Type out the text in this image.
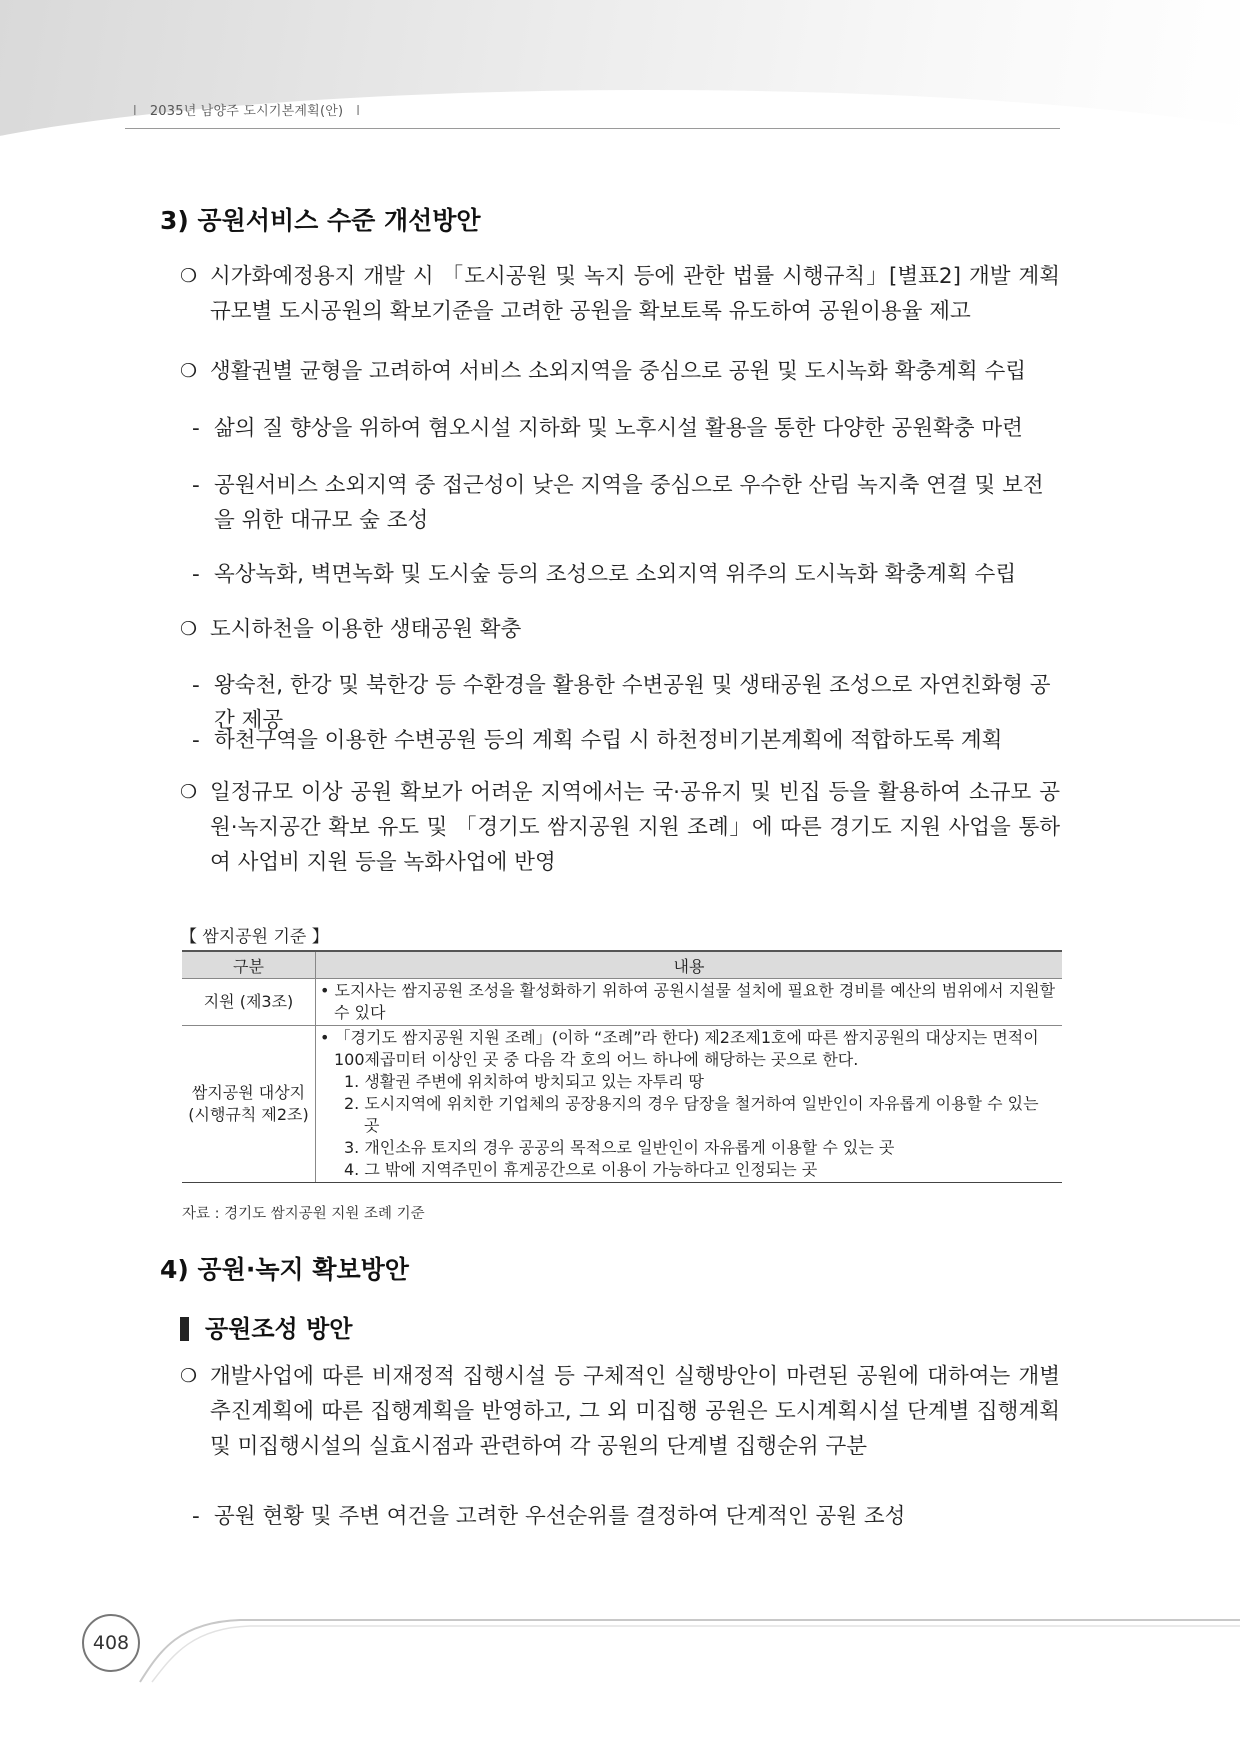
l 2035년 남양주 도시기본계획(안) l
3) 공원서비스 수준 개선방안
❍ 시가화예정용지 개발 시 「도시공원 및 녹지 등에 관한 법률 시행규칙」[별표2] 개발 계획 규모별 도시공원의 확보기준을 고려한 공원을 확보토록 유도하여 공원이용율 제고
❍ 생활권별 균형을 고려하여 서비스 소외지역을 중심으로 공원 및 도시녹화 확충계획 수립
- 삶의 질 향상을 위하여 혐오시설 지하화 및 노후시설 활용을 통한 다양한 공원확충 마련
- 공원서비스 소외지역 중 접근성이 낮은 지역을 중심으로 우수한 산림 녹지축 연결 및 보전을 위한 대규모 숲 조성
- 옥상녹화, 벽면녹화 및 도시숲 등의 조성으로 소외지역 위주의 도시녹화 확충계획 수립
❍ 도시하천을 이용한 생태공원 확충
- 왕숙천, 한강 및 북한강 등 수환경을 활용한 수변공원 및 생태공원 조성으로 자연친화형 공간 제공
- 하천구역을 이용한 수변공원 등의 계획 수립 시 하천정비기본계획에 적합하도록 계획
❍ 일정규모 이상 공원 확보가 어려운 지역에서는 국·공유지 및 빈집 등을 활용하여 소규모 공원·녹지공간 확보 유도 및 「경기도 쌈지공원 지원 조례」에 따른 경기도 지원 사업을 통하여 사업비 지원 등을 녹화사업에 반영
【 쌈지공원 기준 】
구분	내용
지원 (제3조)	• 도지사는 쌈지공원 조성을 활성화하기 위하여 공원시설물 설치에 필요한 경비를 예산의 범위에서 지원할 수 있다

쌈지공원 대상지 (시행규칙 제2조)	• 「경기도 쌈지공원 지원 조례」(이하 “조례”라 한다) 제2조제1호에 따른 쌈지공원의 대상지는 면적이 100제곱미터 이상인 곳 중 다음 각 호의 어느 하나에 해당하는 곳으로 한다.

1. 생활권 주변에 위치하여 방치되고 있는 자투리 땅

2. 도시지역에 위치한 기업체의 공장용지의 경우 담장을 철거하여 일반인이 자유롭게 이용할 수 있는 곳

3. 개인소유 토지의 경우 공공의 목적으로 일반인이 자유롭게 이용할 수 있는 곳

4. 그 밖에 지역주민이 휴게공간으로 이용이 가능하다고 인정되는 곳

자료 : 경기도 쌈지공원 지원 조례 기준
4) 공원·녹지 확보방안
공원조성 방안
❍ 개발사업에 따른 비재정적 집행시설 등 구체적인 실행방안이 마련된 공원에 대하여는 개별 추진계획에 따른 집행계획을 반영하고, 그 외 미집행 공원은 도시계획시설 단계별 집행계획 및 미집행시설의 실효시점과 관련하여 각 공원의 단계별 집행순위 구분
- 공원 현황 및 주변 여건을 고려한 우선순위를 결정하여 단계적인 공원 조성
408
